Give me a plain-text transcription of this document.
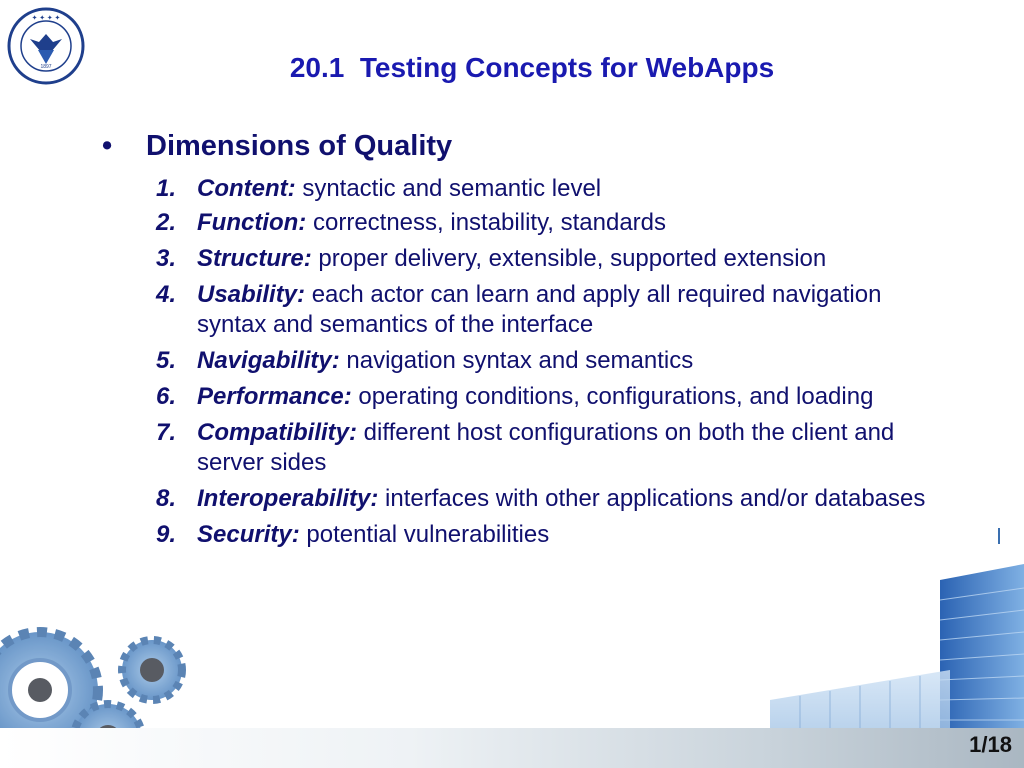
✦ ✦ ✦ ✦
1897	20.1  Testing Concepts for WebApps
• Dimensions of Quality
1. Content: syntactic and semantic level
2. Function: correctness, instability, standards
3. Structure: proper delivery, extensible, supported extension
4. Usability: each actor can learn and apply all required navigation syntax and semantics of the interface
5. Navigability: navigation syntax and semantics
6. Performance: operating conditions, configurations, and loading
7. Compatibility: different host configurations on both the client and server sides
8. Interoperability: interfaces with other applications and/or databases
9. Security: potential vulnerabilities
1/18
